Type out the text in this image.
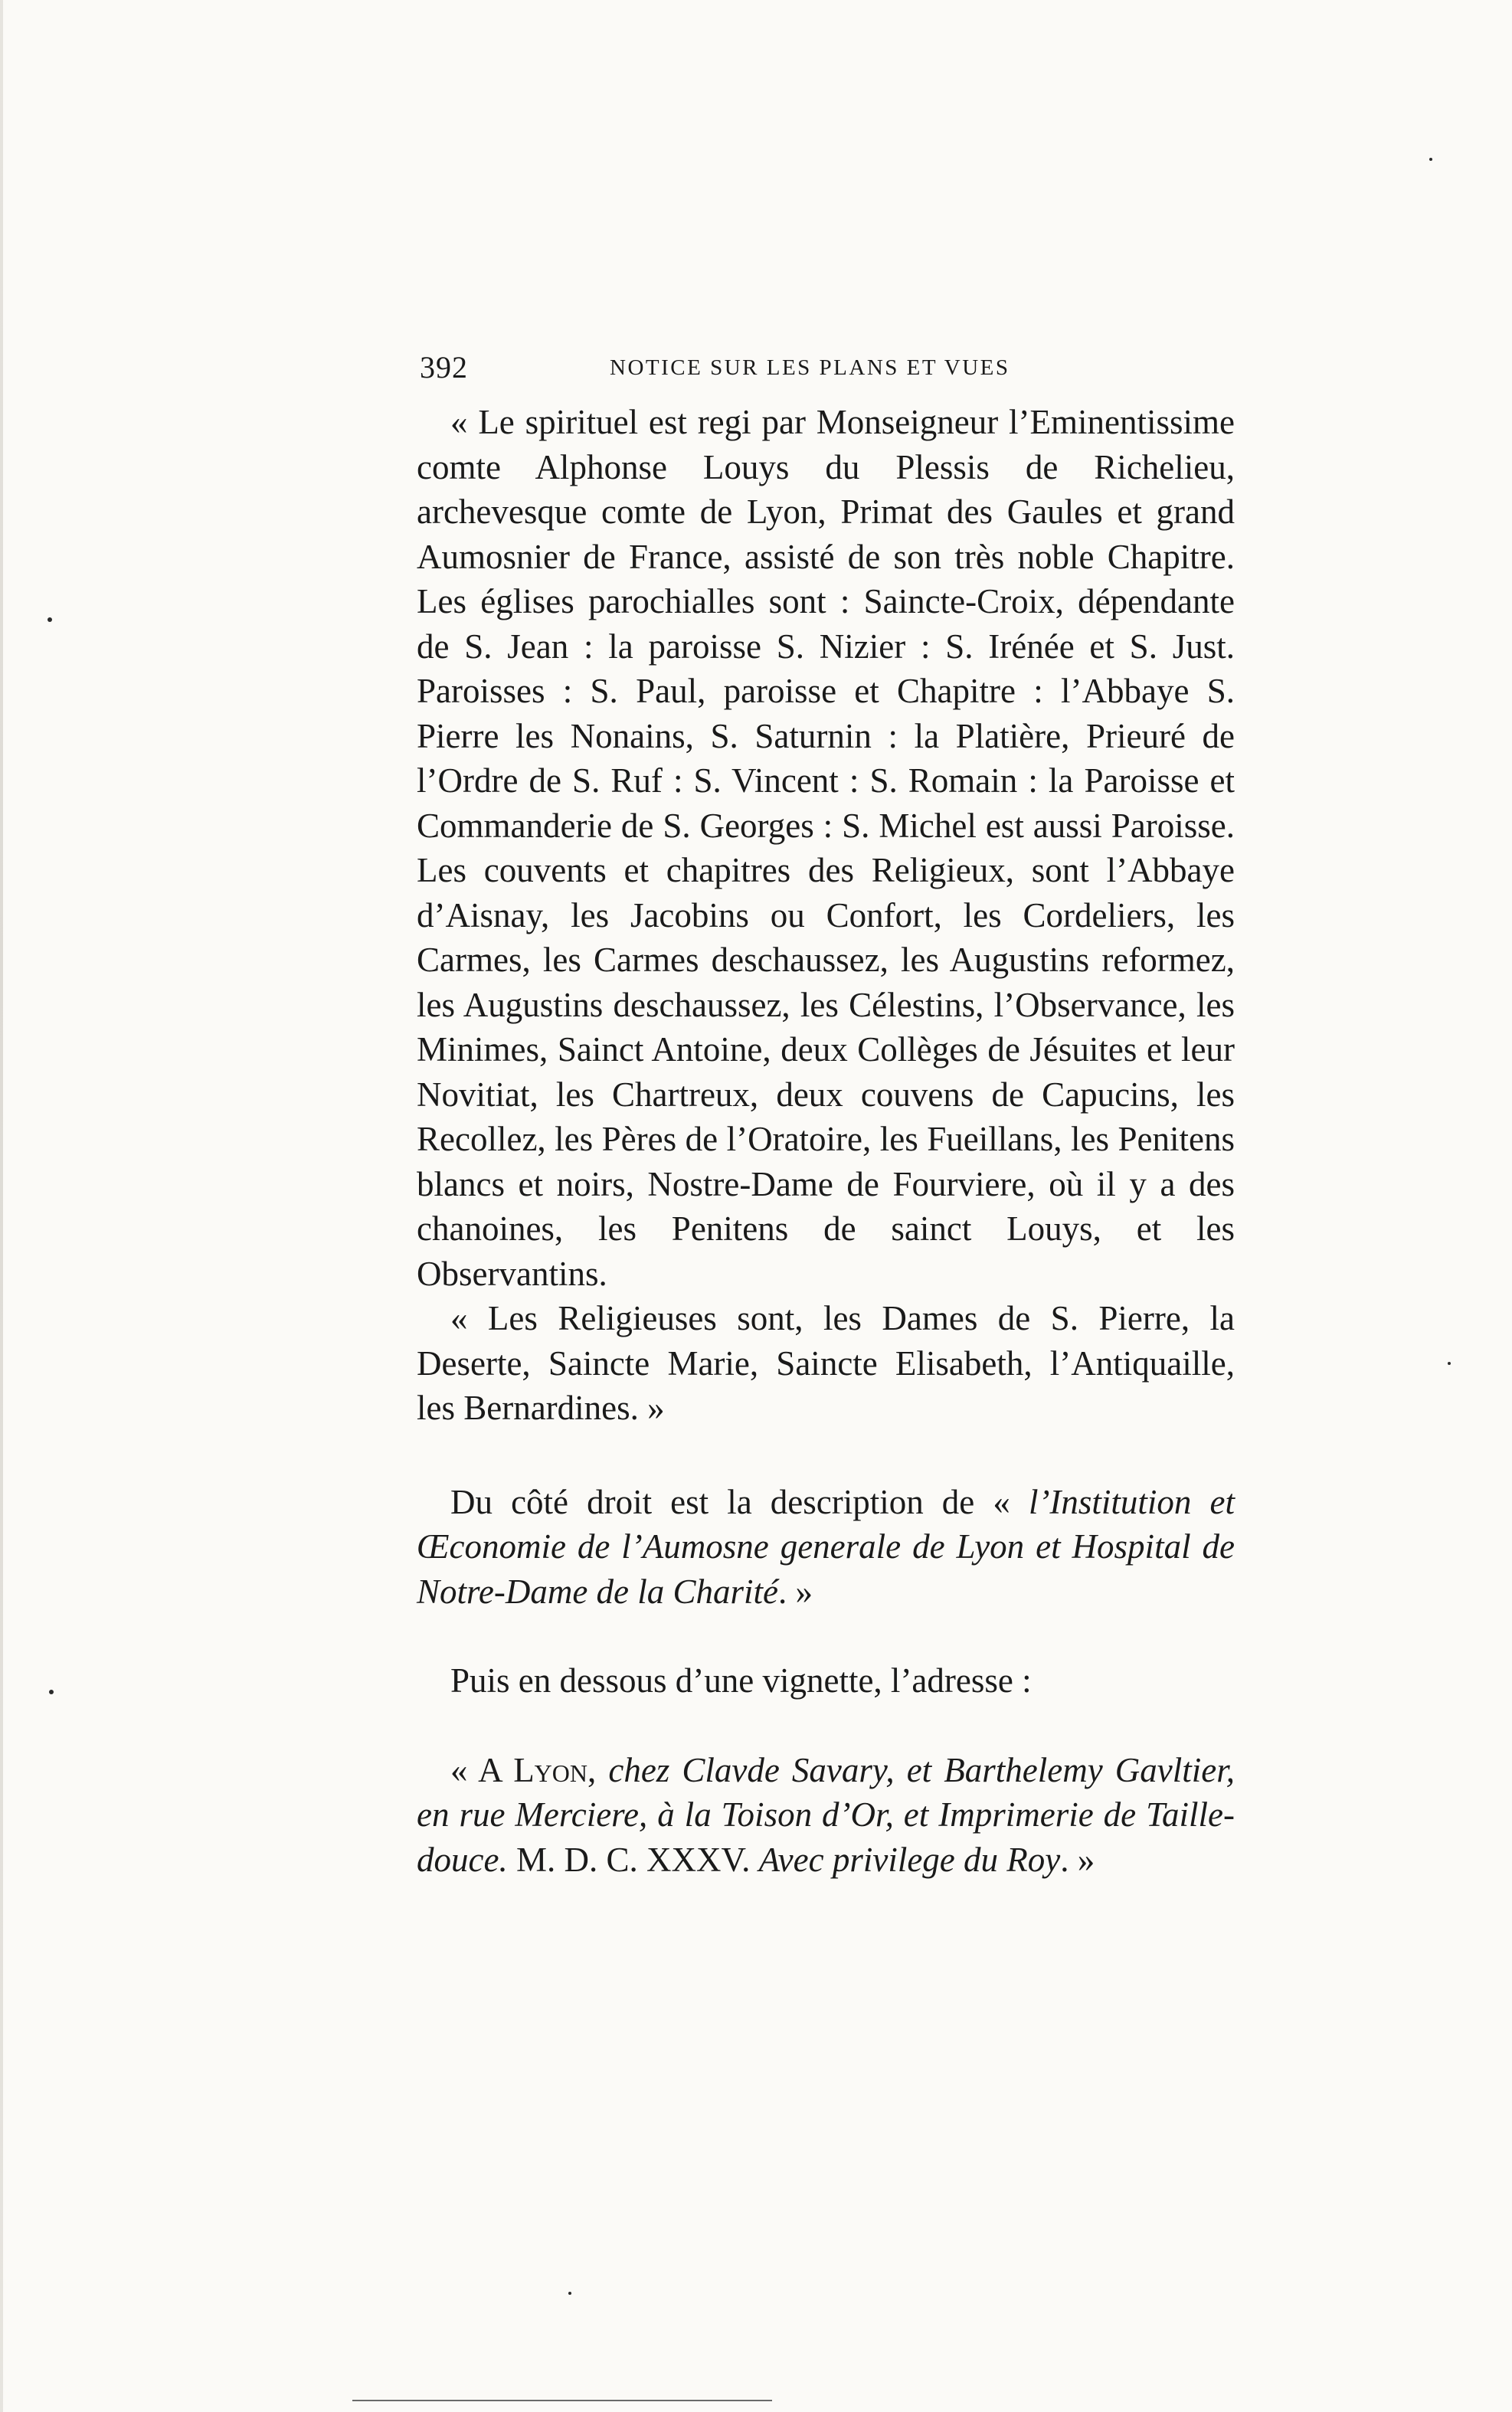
392	NOTICE SUR LES PLANS ET VUES

« Le spirituel est regi par Monseigneur l’Eminentissime comte Alphonse Louys du Plessis de Richelieu, archevesque comte de Lyon, Primat des Gaules et grand Aumosnier de France, assisté de son très noble Chapitre. Les églises parochialles sont : Saincte-Croix, dépendante de S. Jean : la paroisse S. Nizier : S. Irénée et S. Just. Paroisses : S. Paul, paroisse et Chapitre : l’Abbaye S. Pierre les Nonains, S. Saturnin : la Platière, Prieuré de l’Ordre de S. Ruf : S. Vincent : S. Romain : la Paroisse et Commanderie de S. Georges : S. Michel est aussi Paroisse. Les couvents et chapitres des Religieux, sont l’Abbaye d’Aisnay, les Jacobins ou Confort, les Cordeliers, les Carmes, les Carmes deschaussez, les Augustins reformez, les Augustins deschaussez, les Célestins, l’Observance, les Minimes, Sainct Antoine, deux Collèges de Jésuites et leur Novitiat, les Chartreux, deux couvens de Capucins, les Recollez, les Pères de l’Oratoire, les Fueillans, les Penitens blancs et noirs, Nostre-Dame de Fourviere, où il y a des chanoines, les Penitens de sainct Louys, et les Observantins.

« Les Religieuses sont, les Dames de S. Pierre, la Deserte, Saincte Marie, Saincte Elisabeth, l’Antiquaille, les Bernardines. »

Du côté droit est la description de « l’Institution et Œconomie de l’Aumosne generale de Lyon et Hospital de Notre-Dame de la Charité. »

Puis en dessous d’une vignette, l’adresse :

« A Lyon, chez Clavde Savary, et Barthelemy Gavltier, en rue Merciere, à la Toison d’Or, et Imprimerie de Taille-douce. M. D. C. XXXV. Avec privilege du Roy. »
